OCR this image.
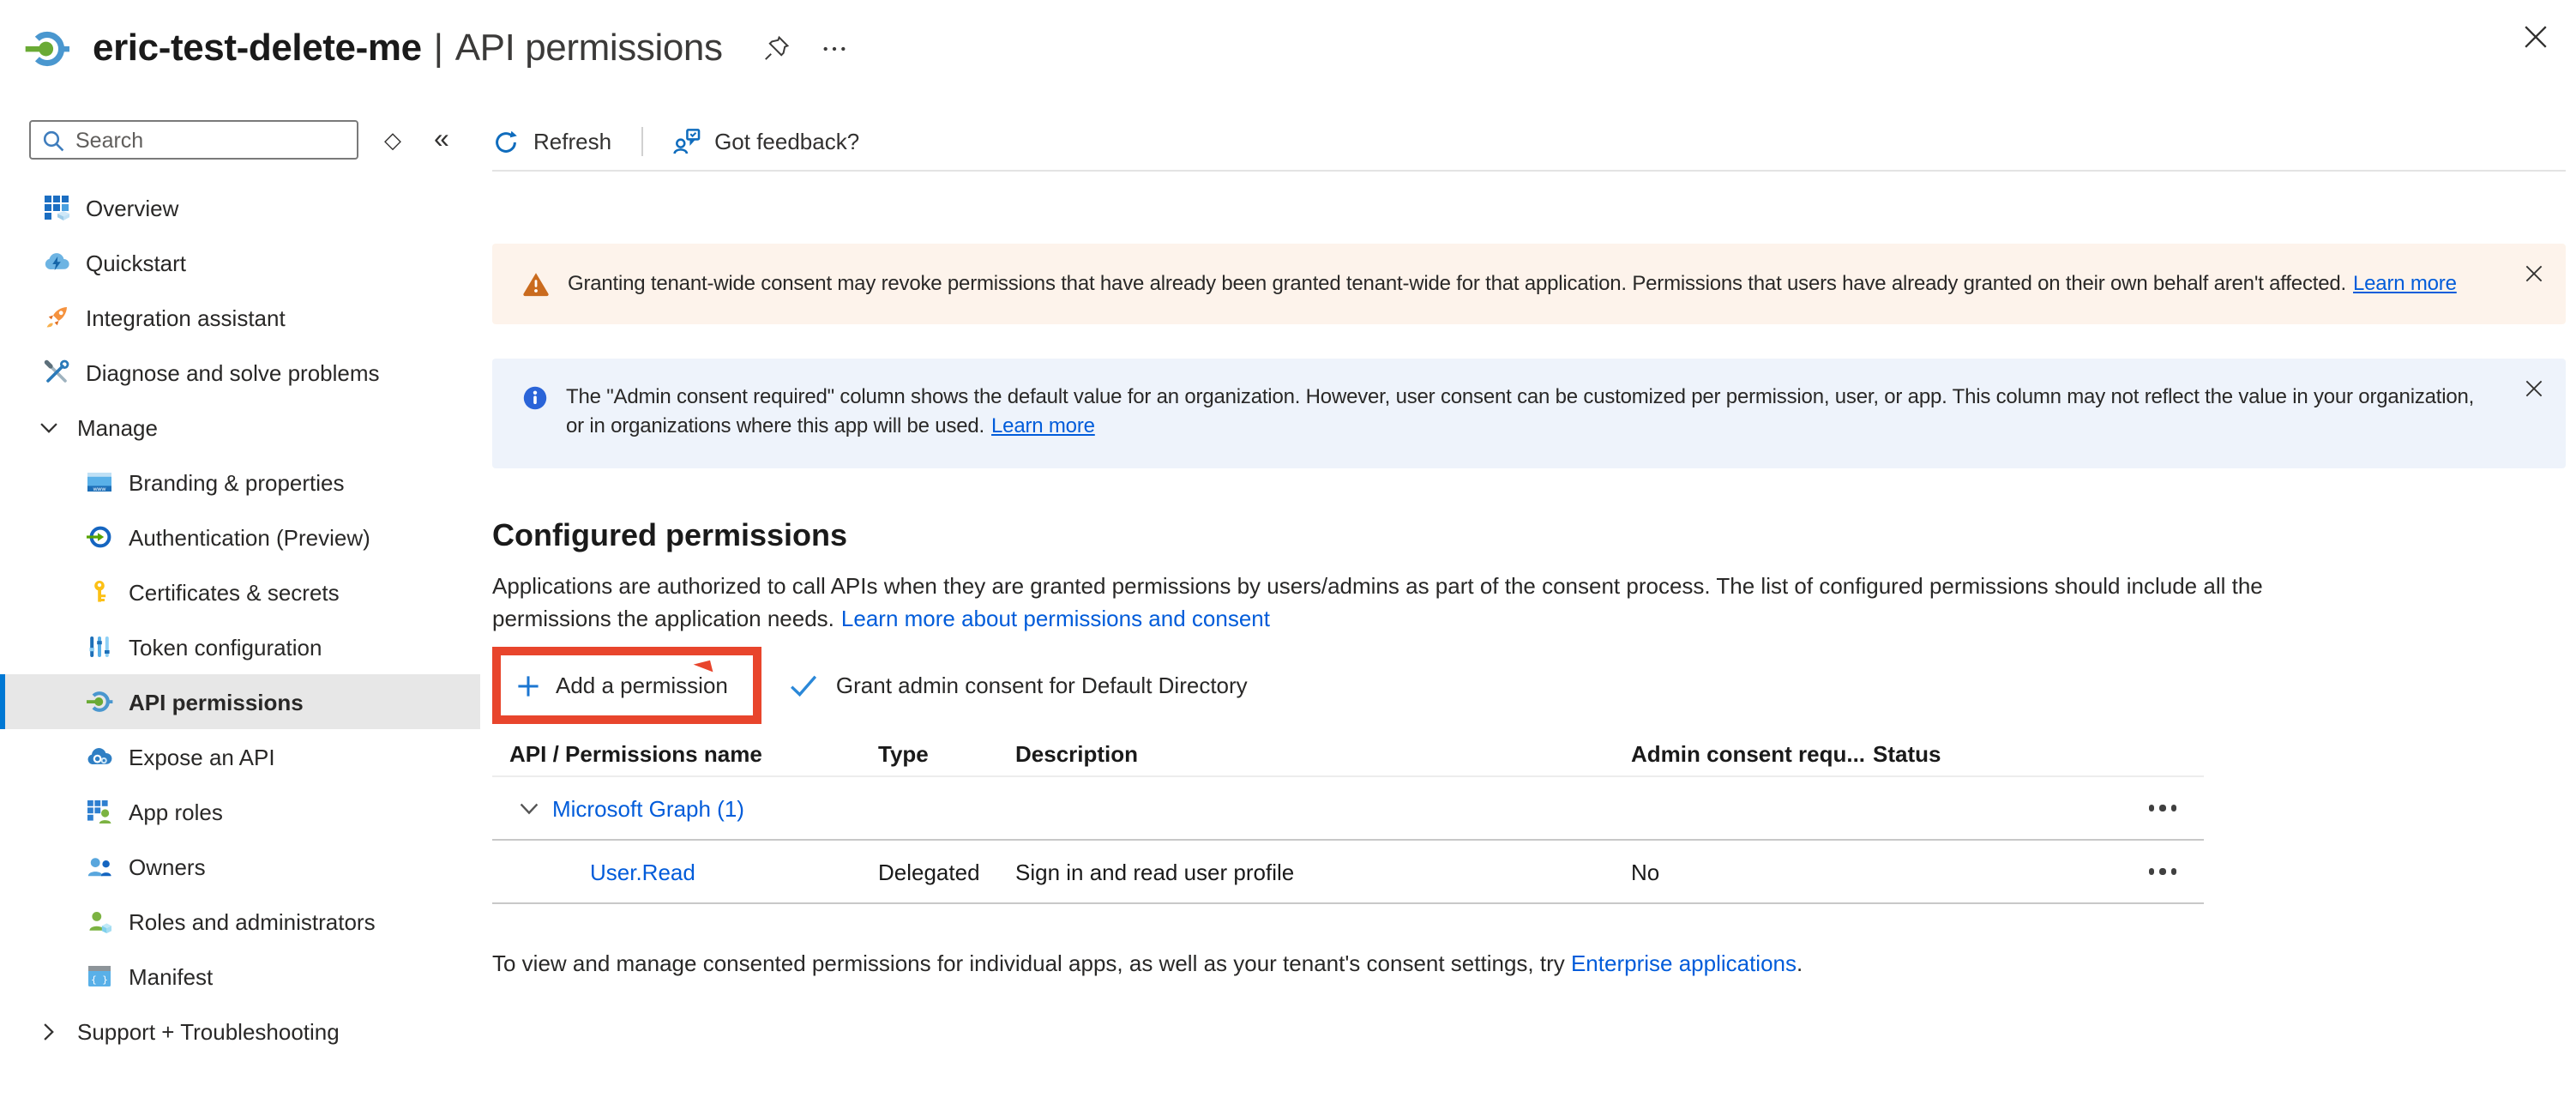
eric-test-delete-me | API permissions
Search
◇ «
Overview
Quickstart
Integration assistant
Diagnose and solve problems
Manage
www Branding & properties
Authentication (Preview)
Certificates & secrets
Token configuration
API permissions
Expose an API
App roles
Owners
Roles and administrators
{ } Manifest
Support + Troubleshooting
Refresh	Got feedback?
Granting tenant-wide consent may revoke permissions that have already been granted tenant-wide for that application. Permissions that users have already granted on their own behalf aren't affected. Learn more
The "Admin consent required" column shows the default value for an organization. However, user consent can be customized per permission, user, or app. This column may not reflect the value in your organization, or in organizations where this app will be used. Learn more
Configured permissions
Applications are authorized to call APIs when they are granted permissions by users/admins as part of the consent process. The list of configured permissions should include all the permissions the application needs. Learn more about permissions and consent
Add a permission	Grant admin consent for Default Directory
API / Permissions name	Type	Description	Admin consent requ... Status
Microsoft Graph (1)
User.Read	Delegated	Sign in and read user profile	No
To view and manage consented permissions for individual apps, as well as your tenant's consent settings, try Enterprise applications.
